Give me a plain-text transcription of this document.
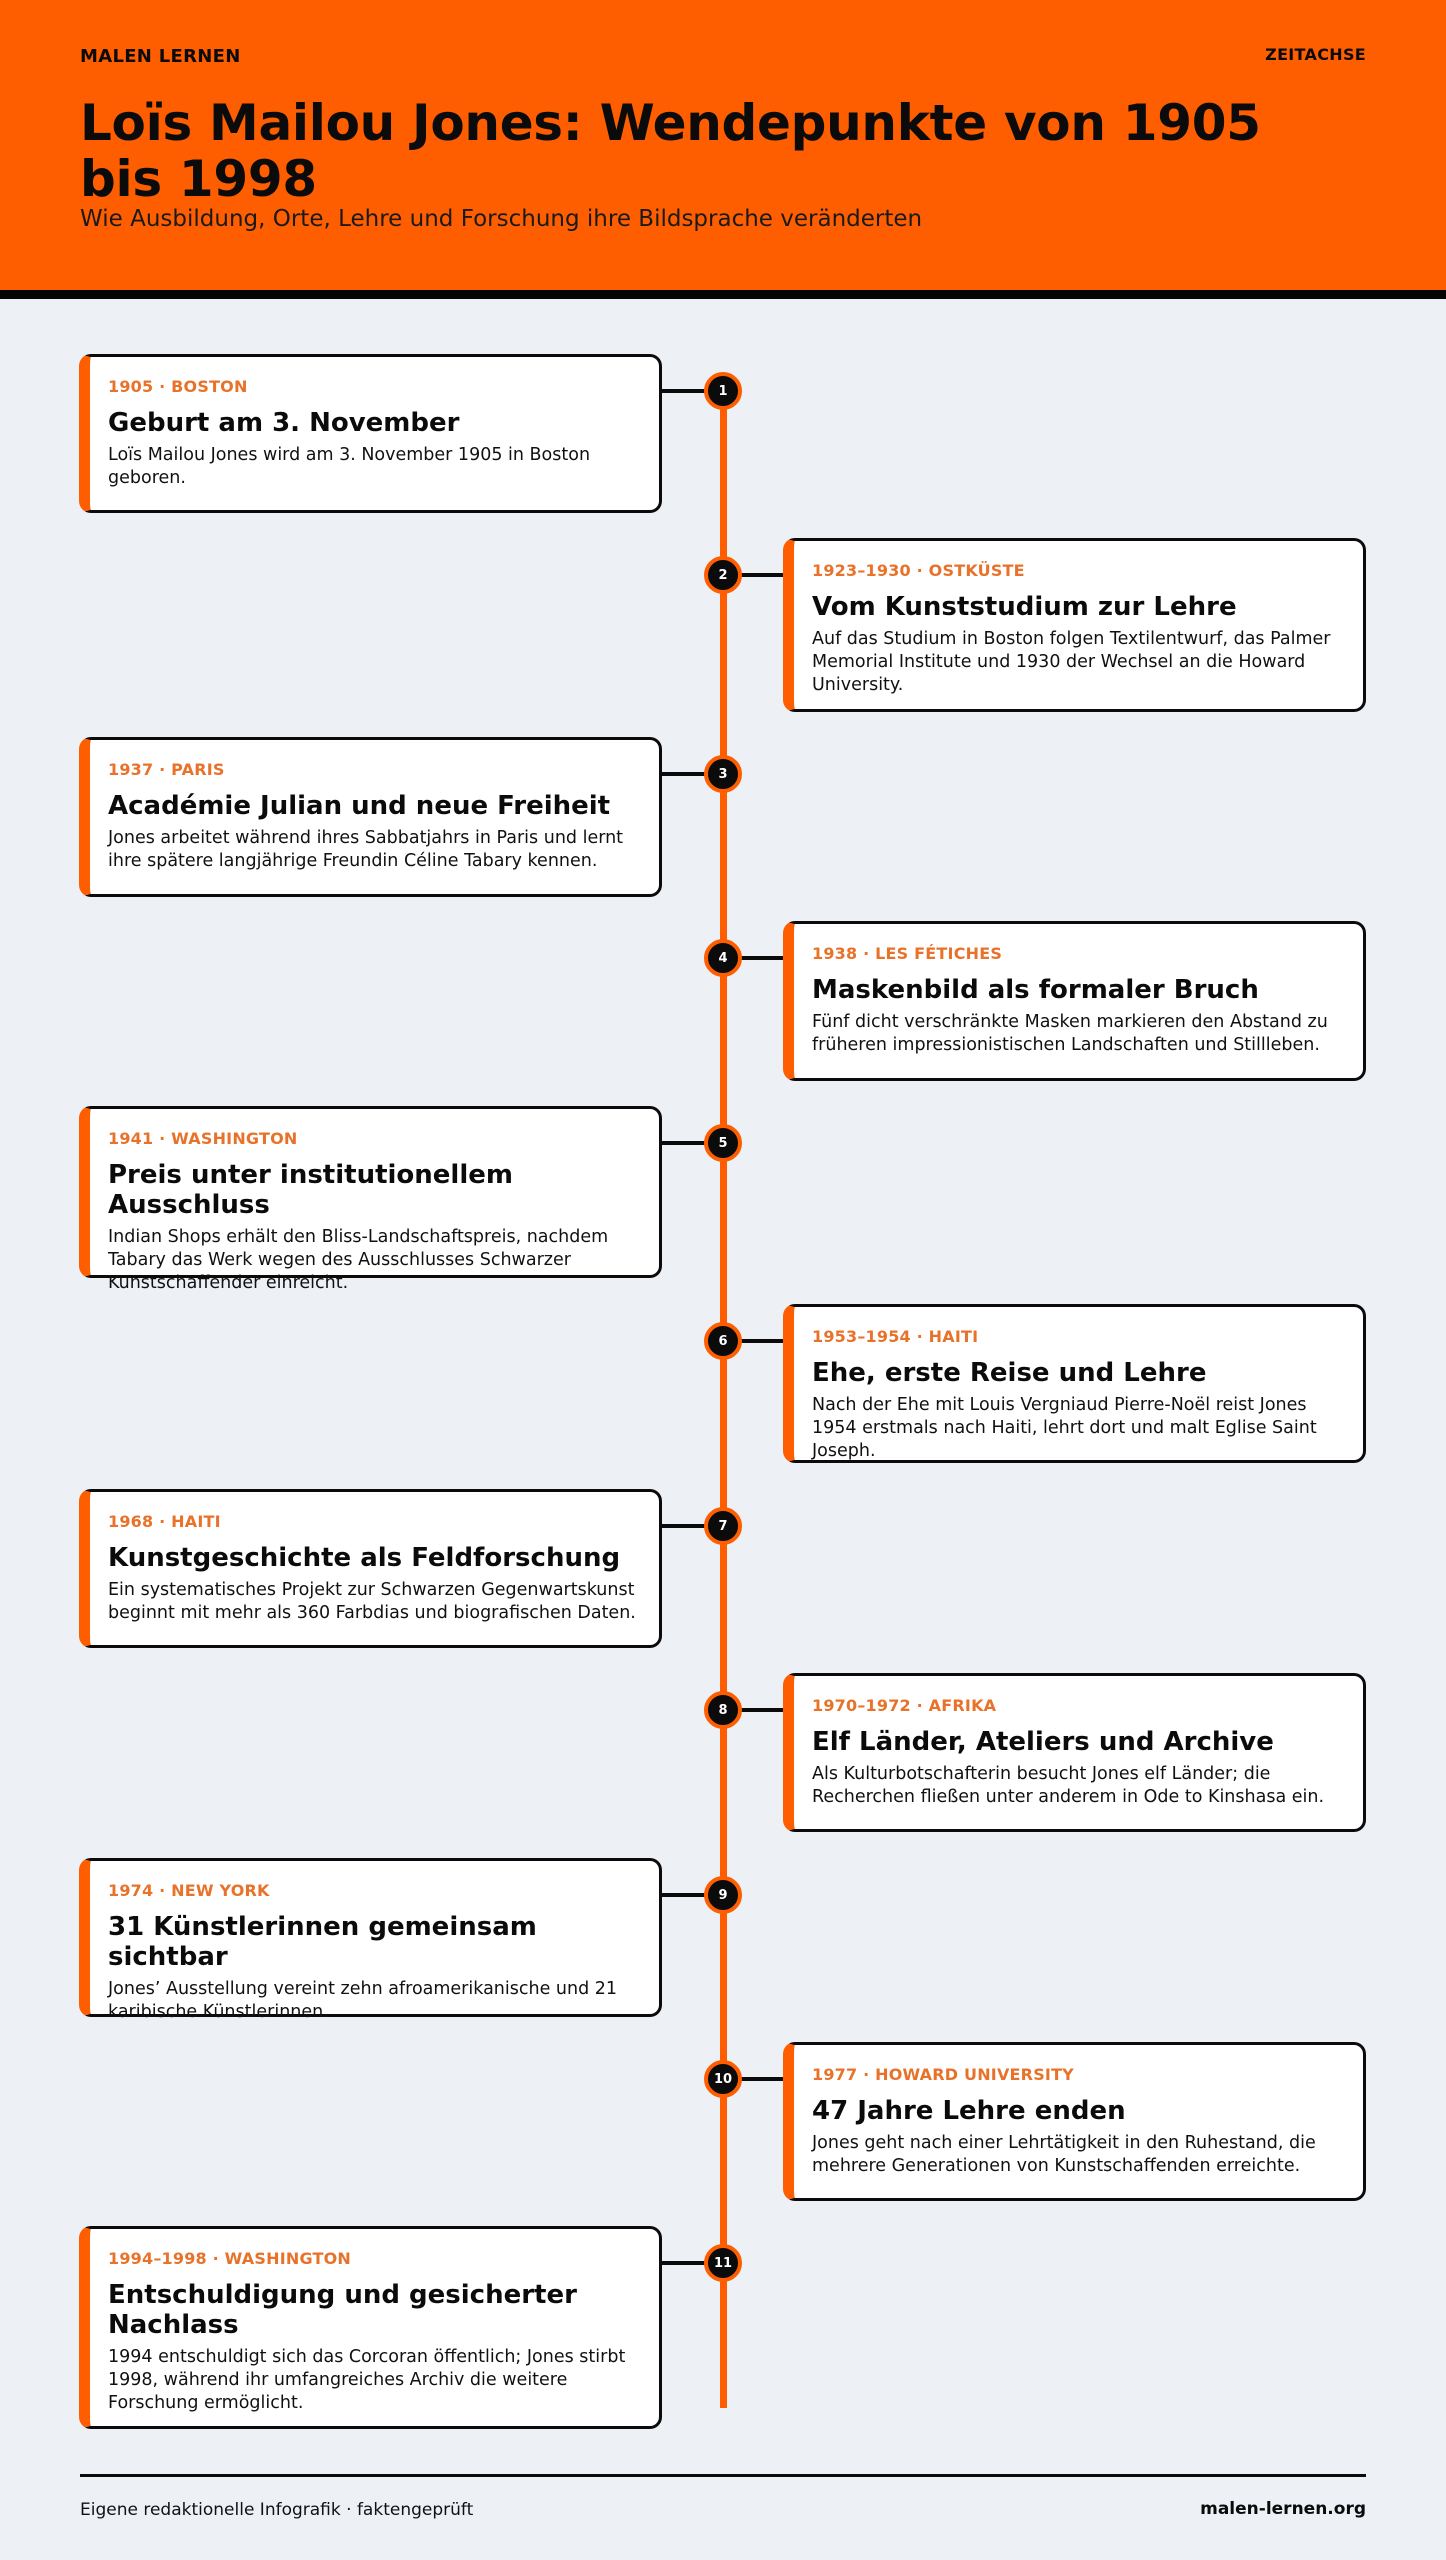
MALEN LERNEN	ZEITACHSE
Loïs Mailou Jones: Wendepunkte von 1905 bis 1998
Wie Ausbildung, Orte, Lehre und Forschung ihre Bildsprache veränderten
1
1905 · BOSTON
Geburt am 3. November
Loïs Mailou Jones wird am 3. November 1905 in Boston geboren.
2	1923–1930 · OSTKÜSTE
Vom Kunststudium zur Lehre
Auf das Studium in Boston folgen Textilentwurf, das Palmer Memorial Institute und 1930 der Wechsel an die Howard University.
3
1937 · PARIS
Académie Julian und neue Freiheit
Jones arbeitet während ihres Sabbatjahrs in Paris und lernt ihre spätere langjährige Freundin Céline Tabary kennen.
4	1938 · LES FÉTICHES
Maskenbild als formaler Bruch
Fünf dicht verschränkte Masken markieren den Abstand zu früheren impressionistischen Landschaften und Stillleben.
5
1941 · WASHINGTON
Preis unter institutionellem Ausschluss
Indian Shops erhält den Bliss-Landschaftspreis, nachdem Tabary das Werk wegen des Ausschlusses Schwarzer Kunstschaffender einreicht.
6	1953–1954 · HAITI
Ehe, erste Reise und Lehre
Nach der Ehe mit Louis Vergniaud Pierre-Noël reist Jones 1954 erstmals nach Haiti, lehrt dort und malt Eglise Saint Joseph.
7
1968 · HAITI
Kunstgeschichte als Feldforschung
Ein systematisches Projekt zur Schwarzen Gegenwartskunst beginnt mit mehr als 360 Farbdias und biografischen Daten.
8	1970–1972 · AFRIKA
Elf Länder, Ateliers und Archive
Als Kulturbotschafterin besucht Jones elf Länder; die Recherchen fließen unter anderem in Ode to Kinshasa ein.
9
1974 · NEW YORK
31 Künstlerinnen gemeinsam sichtbar
Jones’ Ausstellung vereint zehn afroamerikanische und 21 karibische Künstlerinnen.
10	1977 · HOWARD UNIVERSITY
47 Jahre Lehre enden
Jones geht nach einer Lehrtätigkeit in den Ruhestand, die mehrere Generationen von Kunstschaffenden erreichte.
11
1994–1998 · WASHINGTON
Entschuldigung und gesicherter Nachlass
1994 entschuldigt sich das Corcoran öffentlich; Jones stirbt 1998, während ihr umfangreiches Archiv die weitere Forschung ermöglicht.
Eigene redaktionelle Infografik · faktengeprüft	malen-lernen.org
